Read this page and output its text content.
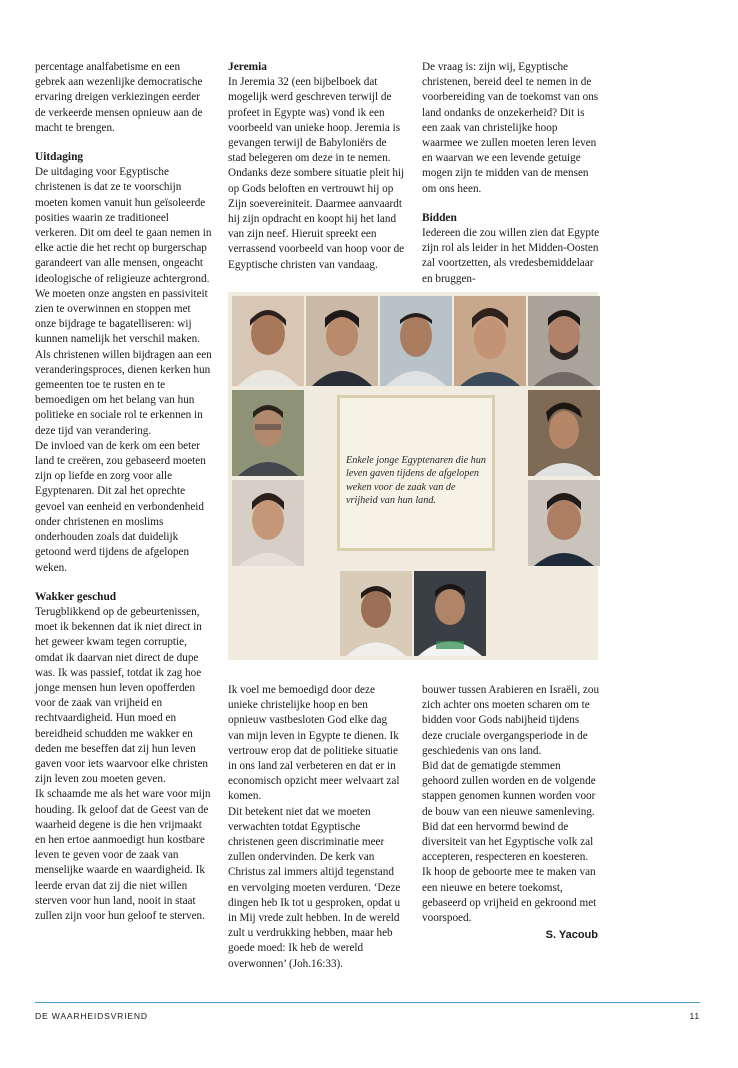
percentage analfabetisme en een gebrek aan wezenlijke democratische ervaring dreigen verkiezingen eerder de verkeerde mensen opnieuw aan de macht te brengen.

Uitdaging

De uitdaging voor Egyptische christenen is dat ze te voorschijn moeten komen vanuit hun geïsoleerde posities waarin ze traditioneel verkeren. Dit om deel te gaan nemen in elke actie die het recht op burgerschap garandeert van alle mensen, ongeacht ideologische of religieuze achtergrond. We moeten onze angsten en passiviteit zien te overwinnen en stoppen met onze bijdrage te bagatelliseren: wij kunnen namelijk het verschil maken. Als christenen willen bijdragen aan een veranderingsproces, dienen kerken hun gemeenten toe te rusten en te bemoedigen om het belang van hun politieke en sociale rol te erkennen in deze tijd van verandering.

De invloed van de kerk om een beter land te creëren, zou gebaseerd moeten zijn op liefde en zorg voor alle Egyptenaren. Dit zal het oprechte gevoel van eenheid en verbondenheid onder christenen en moslims onderhouden zoals dat duidelijk getoond werd tijdens de afgelopen weken.

Wakker geschud

Terugblikkend op de gebeurtenissen, moet ik bekennen dat ik niet direct in het geweer kwam tegen corruptie, omdat ik daarvan niet direct de dupe was. Ik was passief, totdat ik zag hoe jonge mensen hun leven opofferden voor de zaak van vrijheid en rechtvaardigheid. Hun moed en bereidheid schudden me wakker en deden me beseffen dat zij hun leven gaven voor iets waarvoor elke christen zijn leven zou moeten geven.

Ik schaamde me als het ware voor mijn houding. Ik geloof dat de Geest van de waarheid degene is die hen vrijmaakt en hen ertoe aanmoedigt hun kostbare leven te geven voor de zaak van menselijke waarde en waardigheid. Ik leerde ervan dat zij die niet willen sterven voor hun land, nooit in staat zullen zijn voor hun geloof te sterven.

Jeremia

In Jeremia 32 (een bijbelboek dat mogelijk werd geschreven terwijl de profeet in Egypte was) vond ik een voorbeeld van unieke hoop. Jeremia is gevangen terwijl de Babyloniërs de stad belegeren om deze in te nemen. Ondanks deze sombere situatie pleit hij op Gods beloften en vertrouwt hij op Zijn soevereiniteit. Daarmee aanvaardt hij zijn opdracht en koopt hij het land van zijn neef. Hieruit spreekt een verrassend voorbeeld van hoop voor de Egyptische christen van vandaag.

De vraag is: zijn wij, Egyptische christenen, bereid deel te nemen in de voorbereiding van de toekomst van ons land ondanks de onzekerheid? Dit is een zaak van christelijke hoop waarmee we zullen moeten leren leven en waarvan we een levende getuige mogen zijn te midden van de mensen om ons heen.

Bidden

Iedereen die zou willen zien dat Egypte zijn rol als leider in het Midden-Oosten zal voortzetten, als vredesbemiddelaar en bruggen-

Enkele jonge Egyptenaren die hun leven gaven tijdens de afgelopen weken voor de zaak van de vrijheid van hun land.

Ik voel me bemoedigd door deze unieke christelijke hoop en ben opnieuw vastbesloten God elke dag van mijn leven in Egypte te dienen. Ik vertrouw erop dat de politieke situatie in ons land zal verbeteren en dat er in economisch opzicht meer welvaart zal komen.

Dit betekent niet dat we moeten verwachten totdat Egyptische christenen geen discriminatie meer zullen ondervinden. De kerk van Christus zal immers altijd tegenstand en vervolging moeten verduren. ‘Deze dingen heb Ik tot u gesproken, opdat u in Mij vrede zult hebben. In de wereld zult u verdrukking hebben, maar heb goede moed: Ik heb de wereld overwonnen’ (Joh.16:33).

bouwer tussen Arabieren en Israëli, zou zich achter ons moeten scharen om te bidden voor Gods nabijheid tijdens deze cruciale overgangsperiode in de geschiedenis van ons land.

Bid dat de gematigde stemmen gehoord zullen worden en de volgende stappen genomen kunnen worden voor de bouw van een nieuwe samenleving. Bid dat een hervormd bewind de diversiteit van het Egyptische volk zal accepteren, respecteren en koesteren.

Ik hoop de geboorte mee te maken van een nieuwe en betere toekomst, gebaseerd op vrijheid en gekroond met voorspoed.

S. Yacoub
DE WAARHEIDSVRIEND	11
